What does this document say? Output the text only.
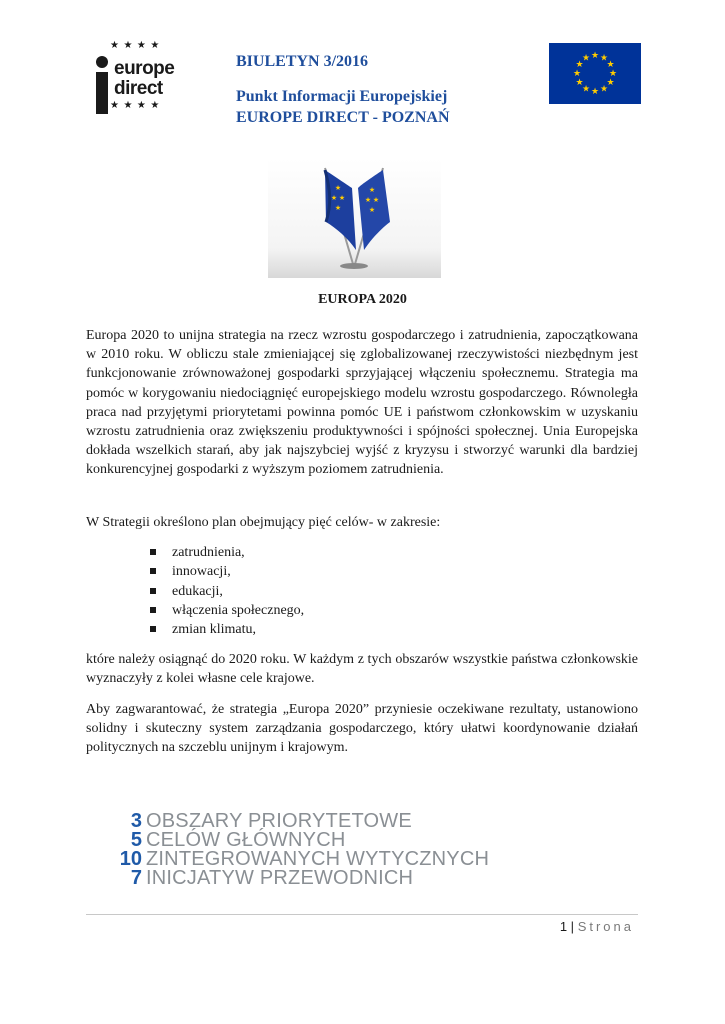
★ ★ ★ ★
europe
direct
★ ★ ★ ★
BIULETYN 3/2016
Punkt Informacji Europejskiej
EUROPE DIRECT - POZNAŃ
★ ★
★
★
★
★
★
★
★
★
★
★
★
★
★
★
★
★
★
★
EUROPA 2020
Europa 2020 to unijna strategia na rzecz wzrostu gospodarczego i zatrudnienia, zapoczątkowana w 2010 roku. W obliczu stale zmieniającej się zglobalizowanej rzeczywistości niezbędnym jest funkcjonowanie zrównoważonej gospodarki sprzyjającej włączeniu społecznemu. Strategia ma pomóc w korygowaniu niedociągnięć europejskiego modelu wzrostu gospodarczego. Równoległa praca nad przyjętymi priorytetami powinna pomóc UE i państwom członkowskim w uzyskaniu wzrostu zatrudnienia oraz zwiększeniu produktywności i spójności społecznej. Unia Europejska dokłada wszelkich starań, aby jak najszybciej wyjść z kryzysu i stworzyć warunki dla bardziej konkurencyjnej gospodarki z wyższym poziomem zatrudnienia.
W Strategii określono plan obejmujący pięć celów- w zakresie:
zatrudnienia,
innowacji,
edukacji,
włączenia społecznego,
zmian klimatu,
które należy osiągnąć do 2020 roku. W każdym z tych obszarów wszystkie państwa członkowskie wyznaczyły z kolei własne cele krajowe.
Aby zagwarantować, że strategia „Europa 2020” przyniesie oczekiwane rezultaty, ustanowiono solidny i skuteczny system zarządzania gospodarczego, który ułatwi koordynowanie działań politycznych na szczeblu unijnym i krajowym.
3 OBSZARY PRIORYTETOWE
5 CELÓW GŁÓWNYCH
10 ZINTEGROWANYCH WYTYCZNYCH
7 INICJATYW PRZEWODNICH
1 | Strona
